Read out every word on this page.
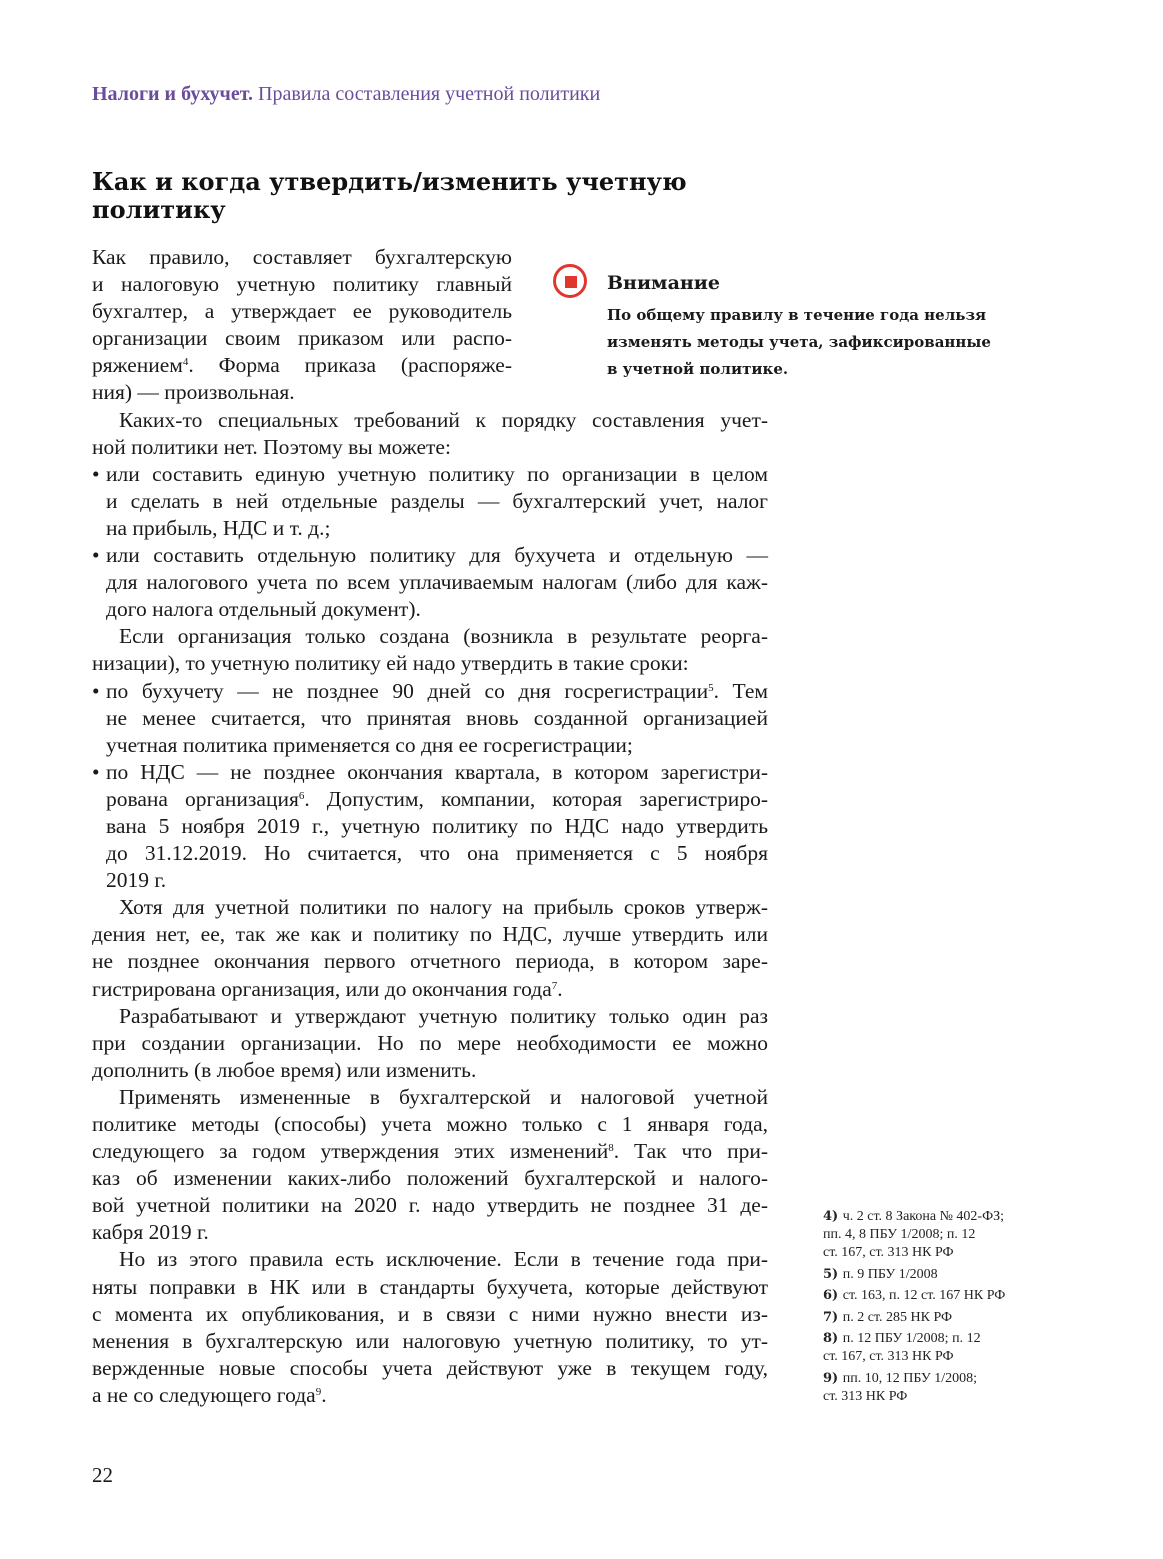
Налоги и бухучет. Правила составления учетной политики
Как и когда утвердить/изменить учетную
политику
Как правило, составляет бухгалтерскую
и налоговую учетную политику главный
бухгалтер, а утверждает ее руководитель
организации своим приказом или распо-
ряжением$^4$. Форма приказа (распоряже-
ния) — произвольная.
Каких-то специальных требований к порядку составления учет-
ной политики нет. Поэтому вы можете:
• или составить единую учетную политику по организации в целом
и сделать в ней отдельные разделы — бухгалтерский учет, налог
на прибыль, НДС и т. д.;
• или составить отдельную политику для бухучета и отдельную —
для налогового учета по всем уплачиваемым налогам (либо для каж-
дого налога отдельный документ).
Если организация только создана (возникла в результате реорга-
низации), то учетную политику ей надо утвердить в такие сроки:
• по бухучету — не позднее 90 дней со дня госрегистрации$^5$. Тем
не менее считается, что принятая вновь созданной организацией
учетная политика применяется со дня ее госрегистрации;
• по НДС — не позднее окончания квартала, в котором зарегистри-
рована организация$^6$. Допустим, компании, которая зарегистриро-
вана 5 ноября 2019 г., учетную политику по НДС надо утвердить
до 31.12.2019. Но считается, что она применяется с 5 ноября
2019 г.
Хотя для учетной политики по налогу на прибыль сроков утверж-
дения нет, ее, так же как и политику по НДС, лучше утвердить или
не позднее окончания первого отчетного периода, в котором заре-
гистрирована организация, или до окончания года$^7$.
Разрабатывают и утверждают учетную политику только один раз
при создании организации. Но по мере необходимости ее можно
дополнить (в любое время) или изменить.
Применять измененные в бухгалтерской и налоговой учетной
политике методы (способы) учета можно только с 1 января года,
следующего за годом утверждения этих изменений$^8$. Так что при-
каз об изменении каких-либо положений бухгалтерской и налого-
вой учетной политики на 2020 г. надо утвердить не позднее 31 де-
кабря 2019 г.
Но из этого правила есть исключение. Если в течение года при-
няты поправки в НК или в стандарты бухучета, которые действуют
с момента их опубликования, и в связи с ними нужно внести из-
менения в бухгалтерскую или налоговую учетную политику, то ут-
вержденные новые способы учета действуют уже в текущем году,
а не со следующего года$^9$.
Внимание
По общему правилу в течение года нельзя
изменять методы учета, зафиксированные
в учетной политике.
4) ч. 2 ст. 8 Закона № 402-ФЗ;
пп. 4, 8 ПБУ 1/2008; п. 12
ст. 167, ст. 313 НК РФ
5) п. 9 ПБУ 1/2008
6) ст. 163, п. 12 ст. 167 НК РФ
7) п. 2 ст. 285 НК РФ
8) п. 12 ПБУ 1/2008; п. 12
ст. 167, ст. 313 НК РФ
9) пп. 10, 12 ПБУ 1/2008;
ст. 313 НК РФ
22
